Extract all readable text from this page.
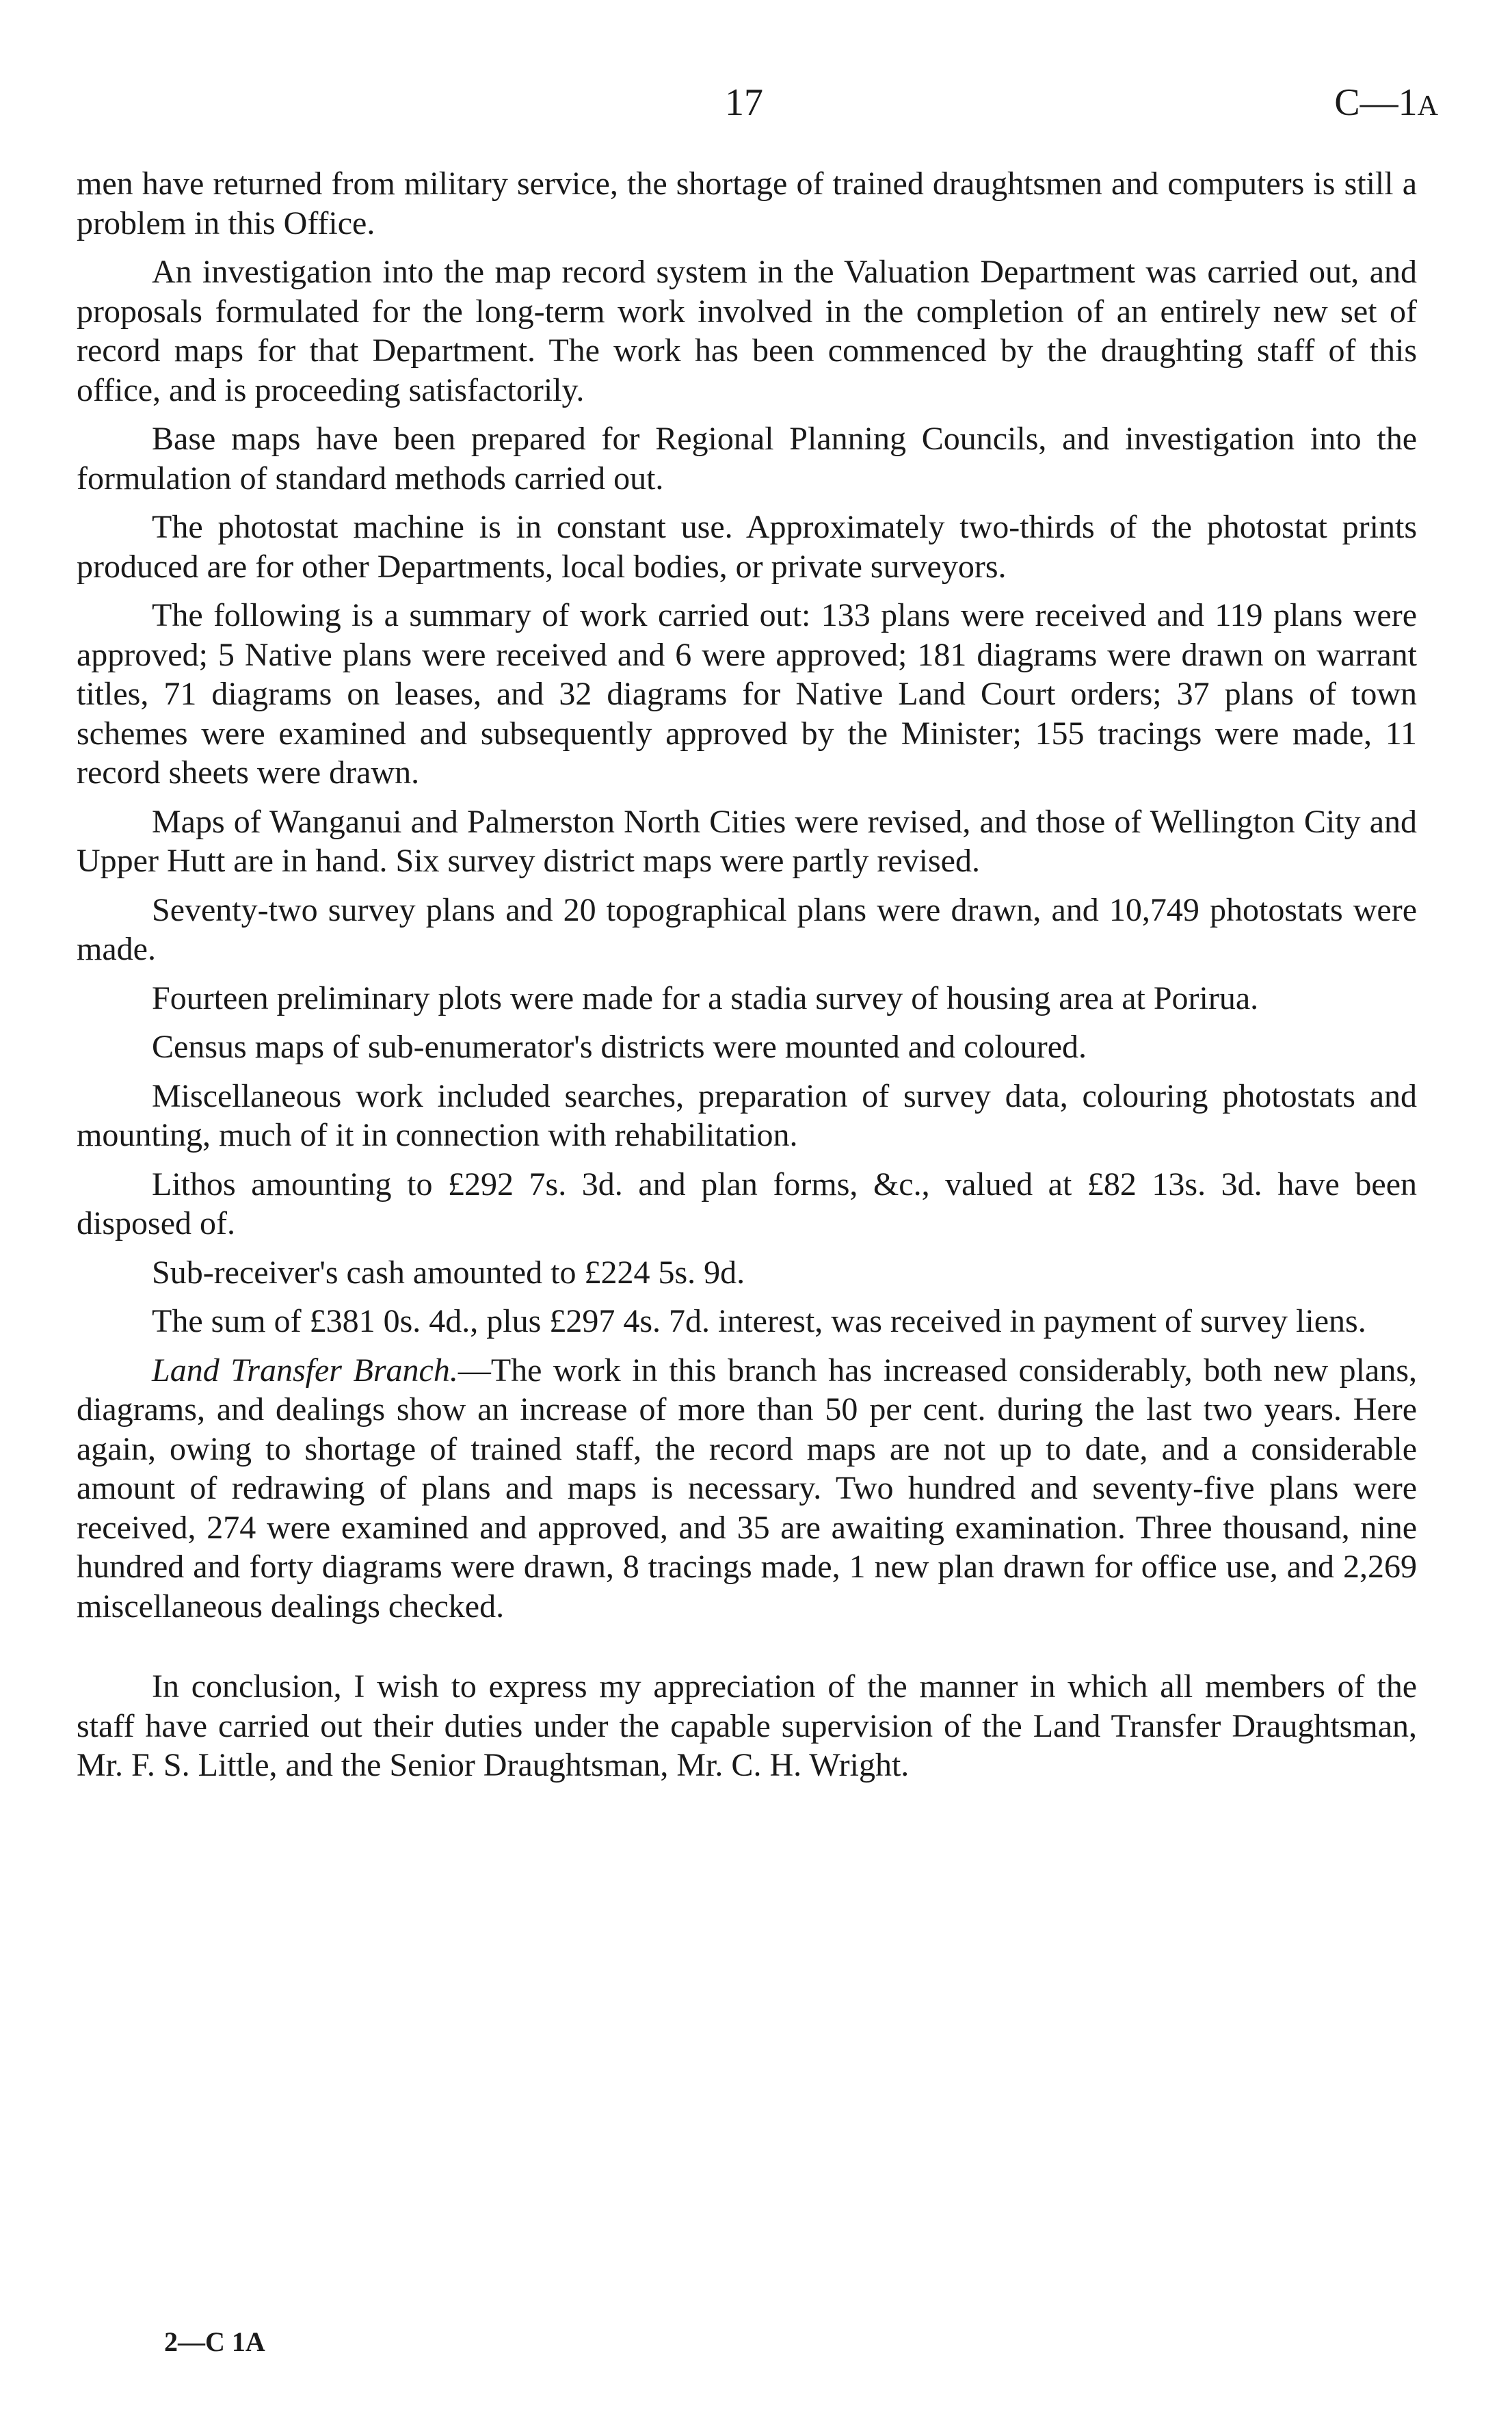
17	C—1A

men have returned from military service, the shortage of trained draughtsmen and computers is still a problem in this Office.

An investigation into the map record system in the Valuation Department was carried out, and proposals formulated for the long-term work involved in the completion of an entirely new set of record maps for that Department. The work has been commenced by the draughting staff of this office, and is proceeding satisfactorily.

Base maps have been prepared for Regional Planning Councils, and investigation into the formulation of standard methods carried out.

The photostat machine is in constant use. Approximately two-thirds of the photostat prints produced are for other Departments, local bodies, or private surveyors.

The following is a summary of work carried out: 133 plans were received and 119 plans were approved; 5 Native plans were received and 6 were approved; 181 diagrams were drawn on warrant titles, 71 diagrams on leases, and 32 diagrams for Native Land Court orders; 37 plans of town schemes were examined and subsequently approved by the Minister; 155 tracings were made, 11 record sheets were drawn.

Maps of Wanganui and Palmerston North Cities were revised, and those of Wellington City and Upper Hutt are in hand. Six survey district maps were partly revised.

Seventy-two survey plans and 20 topographical plans were drawn, and 10,749 photostats were made.

Fourteen preliminary plots were made for a stadia survey of housing area at Porirua.

Census maps of sub-enumerator's districts were mounted and coloured.

Miscellaneous work included searches, preparation of survey data, colouring photostats and mounting, much of it in connection with rehabilitation.

Lithos amounting to £292 7s. 3d. and plan forms, &c., valued at £82 13s. 3d. have been disposed of.

Sub-receiver's cash amounted to £224 5s. 9d.

The sum of £381 0s. 4d., plus £297 4s. 7d. interest, was received in payment of survey liens.

Land Transfer Branch.—The work in this branch has increased considerably, both new plans, diagrams, and dealings show an increase of more than 50 per cent. during the last two years. Here again, owing to shortage of trained staff, the record maps are not up to date, and a considerable amount of redrawing of plans and maps is necessary. Two hundred and seventy-five plans were received, 274 were examined and approved, and 35 are awaiting examination. Three thousand, nine hundred and forty diagrams were drawn, 8 tracings made, 1 new plan drawn for office use, and 2,269 miscellaneous dealings checked.

In conclusion, I wish to express my appreciation of the manner in which all members of the staff have carried out their duties under the capable supervision of the Land Transfer Draughtsman, Mr. F. S. Little, and the Senior Draughtsman, Mr. C. H. Wright.

2—C 1A
